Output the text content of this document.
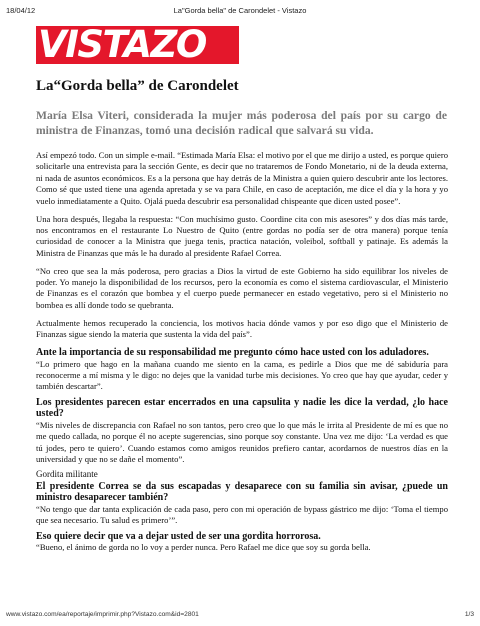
18/04/12	La"Gorda bella" de Carondelet - Vistazo
VISTAZO
La“Gorda bella” de Carondelet
María Elsa Viteri, considerada la mujer más poderosa del país por su cargo de ministra de Finanzas, tomó una decisión radical que salvará su vida.

Así empezó todo. Con un simple e-mail. “Estimada María Elsa: el motivo por el que me dirijo a usted, es porque quiero solicitarle una entrevista para la sección Gente, es decir que no trataremos de Fondo Monetario, ni de la deuda externa, ni nada de asuntos económicos. Es a la persona que hay detrás de la Ministra a quien quiero descubrir ante los lectores. Como sé que usted tiene una agenda apretada y se va para Chile, en caso de aceptación, me dice el día y la hora y yo vuelo inmediatamente a Quito. Ojalá pueda descubrir esa personalidad chispeante que dicen usted posee”.

Una hora después, llegaba la respuesta: “Con muchísimo gusto. Coordine cita con mis asesores” y dos días más tarde, nos encontramos en el restaurante Lo Nuestro de Quito (entre gordas no podía ser de otra manera) porque tenía curiosidad de conocer a la Ministra que juega tenis, practica natación, voleibol, softball y patinaje. Es además la Ministra de Finanzas que más le ha durado al presidente Rafael Correa.

“No creo que sea la más poderosa, pero gracias a Dios la virtud de este Gobierno ha sido equilibrar los niveles de poder. Yo manejo la disponibilidad de los recursos, pero la economía es como el sistema cardiovascular, el Ministerio de Finanzas es el corazón que bombea y el cuerpo puede permanecer en estado vegetativo, pero si el Ministerio no bombea es allí donde todo se quebranta.

Actualmente hemos recuperado la conciencia, los motivos hacia dónde vamos y por eso digo que el Ministerio de Finanzas sigue siendo la materia que sustenta la vida del país”.

Ante la importancia de su responsabilidad me pregunto cómo hace usted con los aduladores.

“Lo primero que hago en la mañana cuando me siento en la cama, es pedirle a Dios que me dé sabiduría para reconocerme a mí misma y le digo: no dejes que la vanidad turbe mis decisiones. Yo creo que hay que ayudar, ceder y también descartar”.

Los presidentes parecen estar encerrados en una capsulita y nadie les dice la verdad, ¿lo hace usted?

“Mis niveles de discrepancia con Rafael no son tantos, pero creo que lo que más le irrita al Presidente de mí es que no me quedo callada, no porque él no acepte sugerencias, sino porque soy constante. Una vez me dijo: ‘La verdad es que tú jodes, pero te quiero’. Cuando estamos como amigos reunidos prefiero cantar, acordarnos de nuestros días en la universidad y que no se dañe el momento”.

Gordita militante

El presidente Correa se da sus escapadas y desaparece con su familia sin avisar, ¿puede un ministro desaparecer también?

“No tengo que dar tanta explicación de cada paso, pero con mi operación de bypass gástrico me dijo: ‘Toma el tiempo que sea necesario. Tu salud es primero’”.

Eso quiere decir que va a dejar usted de ser una gordita horrorosa.

“Bueno, el ánimo de gorda no lo voy a perder nunca. Pero Rafael me dice que soy su gorda bella.

www.vistazo.com/ea/reportaje/imprimir.php?Vistazo.com&id=2801	1/3
